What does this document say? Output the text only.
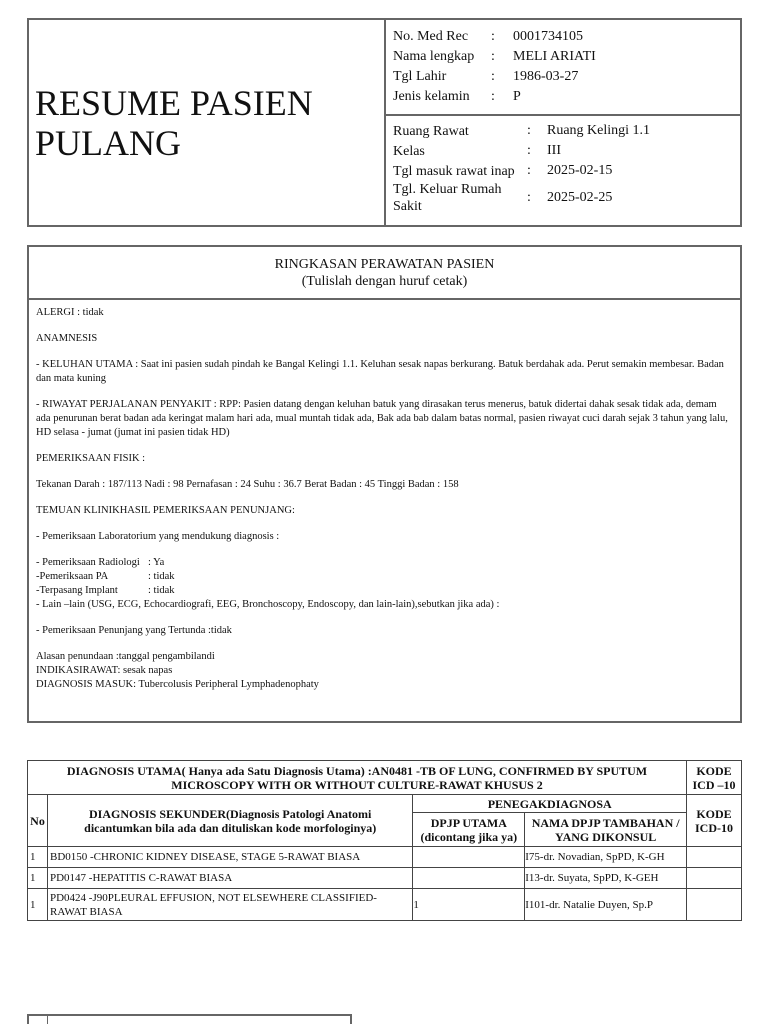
RESUME PASIEN
PULANG
No. Med Rec	:	0001734105
Nama lengkap	:	MELI ARIATI
Tgl Lahir	:	1986-03-27
Jenis kelamin	:	P
Ruang Rawat	:	Ruang Kelingi 1.1
Kelas	:	III
Tgl masuk rawat inap :	2025-02-15
Tgl. Keluar Rumah Sakit
:	2025-02-25
RINGKASAN PERAWATAN PASIEN
(Tulislah dengan huruf cetak)

ALERGI : tidak

ANAMNESIS

- KELUHAN UTAMA : Saat ini pasien sudah pindah ke Bangal Kelingi 1.1. Keluhan sesak napas berkurang. Batuk berdahak ada. Perut semakin membesar. Badan dan mata kuning

- RIWAYAT PERJALANAN PENYAKIT : RPP: Pasien datang dengan keluhan batuk yang dirasakan terus menerus, batuk didertai dahak sesak tidak ada, demam ada penurunan berat badan ada keringat malam hari ada, mual muntah tidak ada, Bak ada bab dalam batas normal, pasien riwayat cuci darah sejak 3 tahun yang lalu, HD selasa - jumat (jumat ini pasien tidak HD)

PEMERIKSAAN FISIK :

Tekanan Darah : 187/113 Nadi : 98 Pernafasan : 24 Suhu : 36.7 Berat Badan : 45 Tinggi Badan : 158

TEMUAN KLINIKHASIL PEMERIKSAAN PENUNJANG:

- Pemeriksaan Laboratorium yang mendukung diagnosis :

- Pemeriksaan Radiologi : Ya
-Pemeriksaan PA	: tidak
-Terpasang Implant	: tidak

- Lain –lain (USG, ECG, Echocardiografi, EEG, Bronchoscopy, Endoscopy, dan lain-lain),sebutkan jika ada) :

- Pemeriksaan Penunjang yang Tertunda :tidak

Alasan penundaan :tanggal pengambilandi

INDIKASIRAWAT: sesak napas

DIAGNOSIS MASUK: Tubercolusis Peripheral Lymphadenophaty

DIAGNOSIS UTAMA( Hanya ada Satu Diagnosis Utama) :AN0481 -TB OF LUNG, CONFIRMED BY SPUTUM MICROSCOPY WITH OR WITHOUT CULTURE-RAWAT KHUSUS 2				KODE ICD –10
No	DIAGNOSIS SEKUNDER(Diagnosis Patologi Anatomi dicantumkan bila ada dan dituliskan kode morfologinya)	PENEGAKDIAGNOSA		KODE ICD-10
		DPJP UTAMA (dicontang jika ya)	NAMA DPJP TAMBAHAN / YANG DIKONSUL	
1	BD0150 -CHRONIC KIDNEY DISEASE, STAGE 5-RAWAT BIASA		I75-dr. Novadian, SpPD, K-GH	
1	PD0147 -HEPATITIS C-RAWAT BIASA		I13-dr. Suyata, SpPD, K-GEH	
1	PD0424 -J90PLEURAL EFFUSION, NOT ELSEWHERE CLASSIFIED-RAWAT BIASA	1	I101-dr. Natalie Duyen, Sp.P	
